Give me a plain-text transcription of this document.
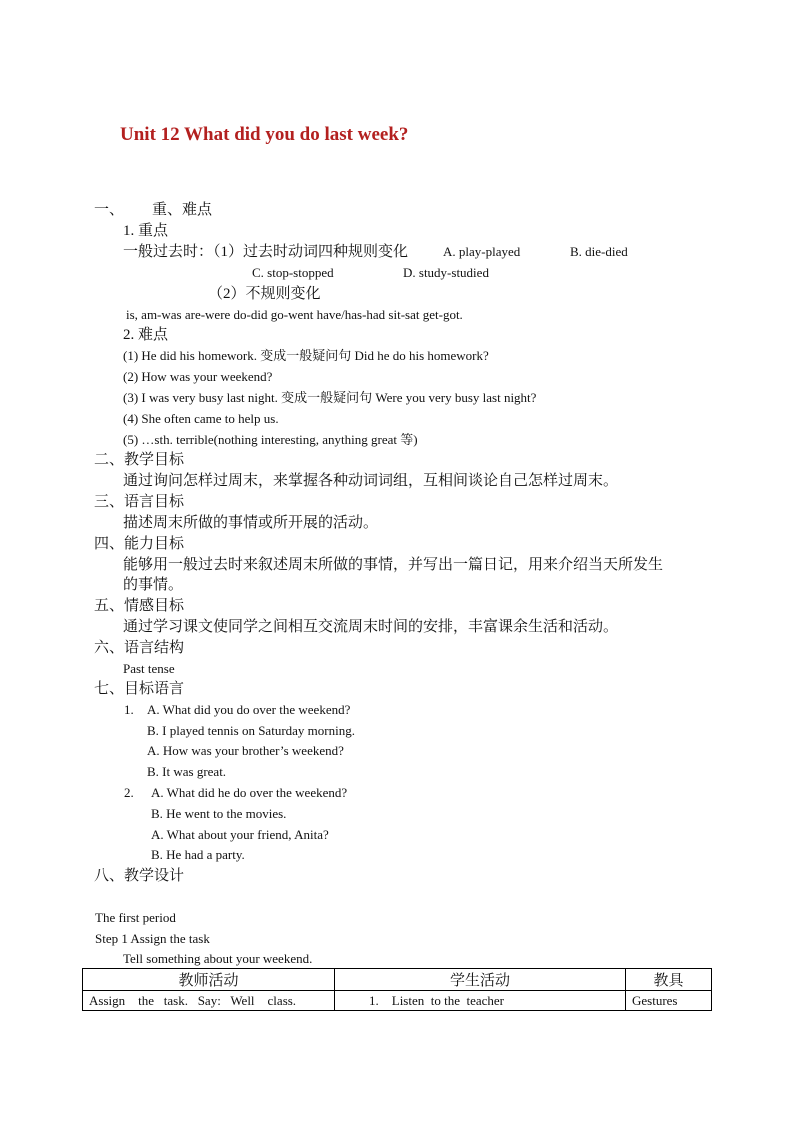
Unit 12 What did you do last week?
一、 重、难点
1. 重点
一般过去时：（1）过去时动词四种规则变化	A. play-played	B. die-died
C. stop-stopped	D. study-studied
（2）不规则变化
is, am-was are-were do-did go-went have/has-had sit-sat get-got.
2. 难点
(1) He did his homework. 变成一般疑问句 Did he do his homework?
(2) How was your weekend?
(3) I was very busy last night. 变成一般疑问句 Were you very busy last night?
(4) She often came to help us.
(5) …sth. terrible(nothing interesting, anything great 等)
二、教学目标
通过询问怎样过周末，来掌握各种动词词组，互相间谈论自己怎样过周末。
三、语言目标
描述周末所做的事情或所开展的活动。
四、能力目标
能够用一般过去时来叙述周末所做的事情，并写出一篇日记，用来介绍当天所发生
的事情。
五、情感目标
通过学习课文使同学之间相互交流周末时间的安排，丰富课余生活和活动。
六、语言结构
Past tense
七、目标语言
1. A. What did you do over the weekend?
B. I played tennis on Saturday morning.
A. How was your brother’s weekend?
B. It was great.
2. A. What did he do over the weekend?
B. He went to the movies.
A. What about your friend, Anita?
B. He had a party.
八、教学设计
The first period
Step 1 Assign the task
Tell something about your weekend.
教师活动	学生活动	教具
Assign    the   task.   Say:   Well    class.	1.    Listen  to the  teacher	Gestures
